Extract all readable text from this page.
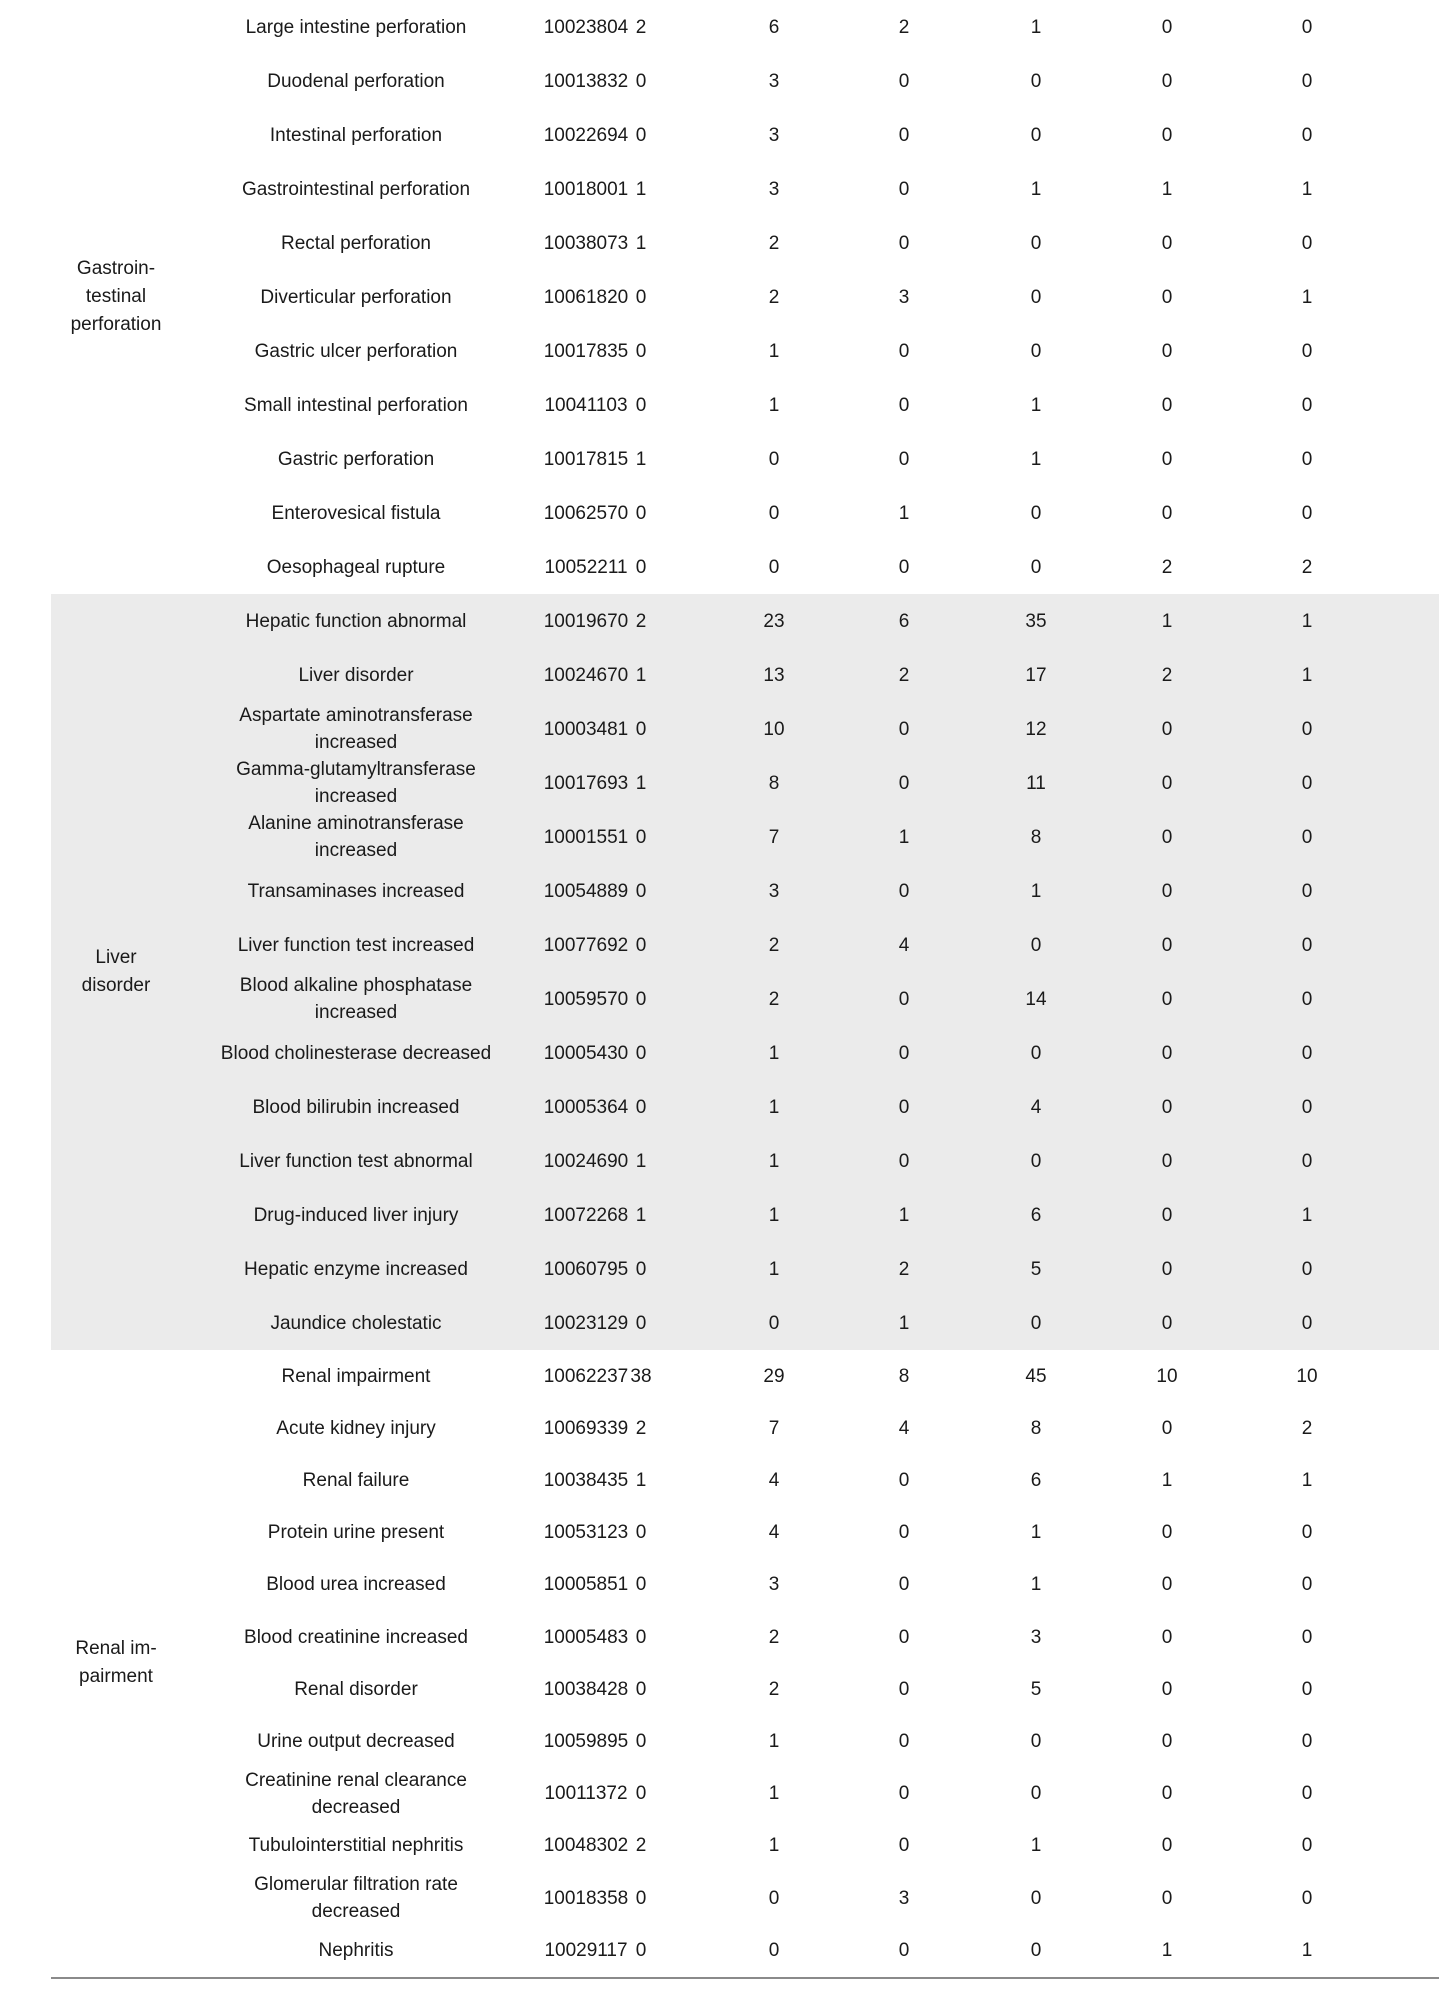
Gastroin-
testinal
perforation
Large intestine perforation	10023804 2	6	2	1	0	0
Duodenal perforation	10013832 0	3	0	0	0	0
Intestinal perforation	10022694 0	3	0	0	0	0
Gastrointestinal perforation	10018001 1	3	0	1	1	1
Rectal perforation	10038073 1	2	0	0	0	0
Diverticular perforation	10061820 0	2	3	0	0	1
Gastric ulcer perforation	10017835 0	1	0	0	0	0
Small intestinal perforation	10041103 0	1	0	1	0	0
Gastric perforation	10017815 1	0	0	1	0	0
Enterovesical fistula	10062570 0	0	1	0	0	0
Oesophageal rupture	10052211 0	0	0	0	2	2
Liver
disorder
Hepatic function abnormal	10019670 2	23	6	35	1	1
Liver disorder	10024670 1	13	2	17	2	1
Aspartate aminotransferase
increased
10003481 0	10	0	12	0	0
Gamma-glutamyltransferase
increased
10017693 1	8	0	11	0	0
Alanine aminotransferase
increased
10001551 0	7	1	8	0	0
Transaminases increased	10054889 0	3	0	1	0	0
Liver function test increased	10077692 0	2	4	0	0	0
Blood alkaline phosphatase
increased
10059570 0	2	0	14	0	0
Blood cholinesterase decreased	10005430 0	1	0	0	0	0
Blood bilirubin increased	10005364 0	1	0	4	0	0
Liver function test abnormal	10024690 1	1	0	0	0	0
Drug-induced liver injury	10072268 1	1	1	6	0	1
Hepatic enzyme increased	10060795 0	1	2	5	0	0
Jaundice cholestatic	10023129 0	0	1	0	0	0
Renal im-
pairment
Renal impairment	10062237 38	29	8	45	10	10
Acute kidney injury	10069339 2	7	4	8	0	2
Renal failure	10038435 1	4	0	6	1	1
Protein urine present	10053123 0	4	0	1	0	0
Blood urea increased	10005851 0	3	0	1	0	0
Blood creatinine increased	10005483 0	2	0	3	0	0
Renal disorder	10038428 0	2	0	5	0	0
Urine output decreased	10059895 0	1	0	0	0	0
Creatinine renal clearance
decreased
10011372 0	1	0	0	0	0
Tubulointerstitial nephritis	10048302 2	1	0	1	0	0
Glomerular filtration rate
decreased
10018358 0	0	3	0	0	0
Nephritis	10029117 0	0	0	0	1	1
